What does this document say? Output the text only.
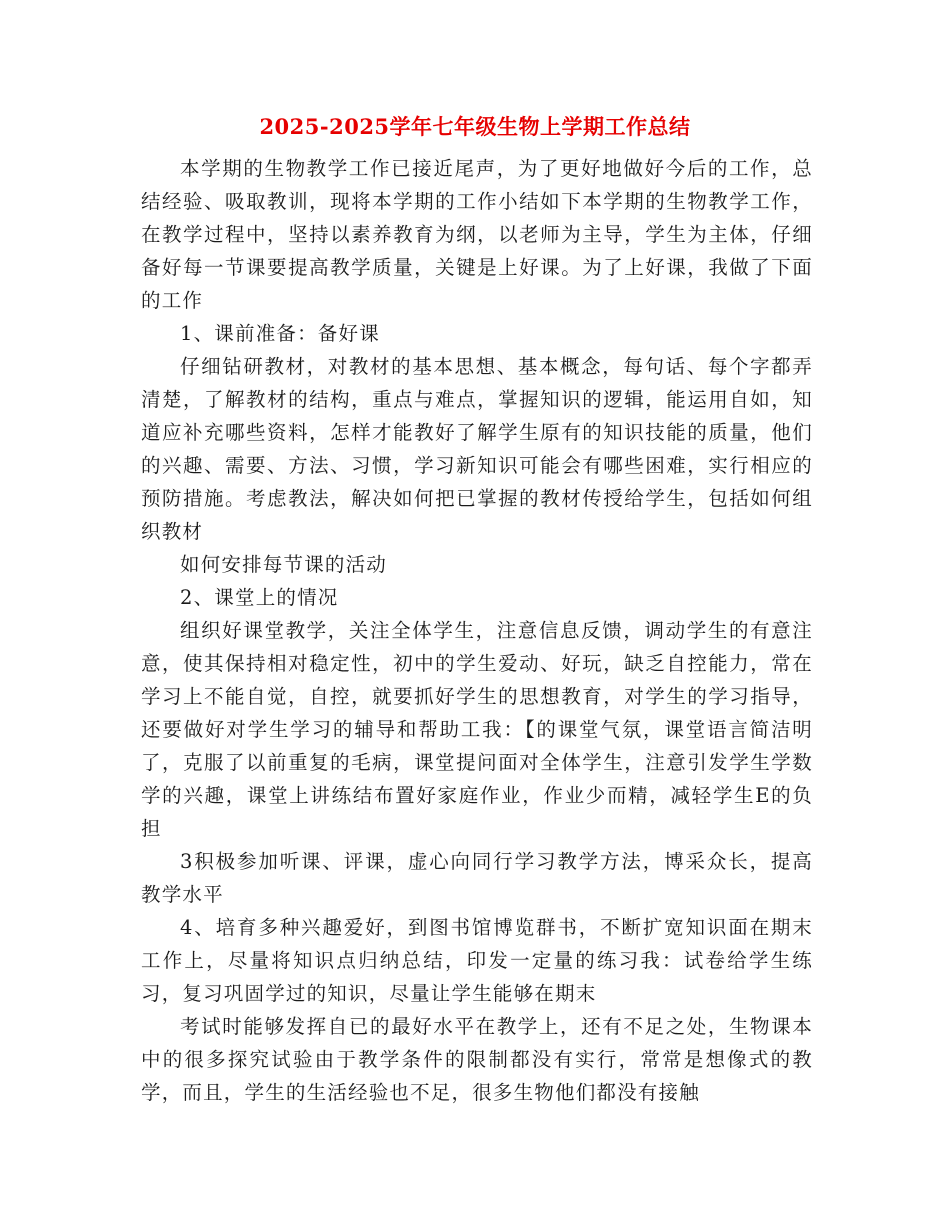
2025-2025学年七年级生物上学期工作总结

本学期的生物教学工作已接近尾声，为了更好地做好今后的工作，总结经验、吸取教训，现将本学期的工作小结如下本学期的生物教学工作，在教学过程中，坚持以素养教育为纲，以老师为主导，学生为主体，仔细备好每一节课要提高教学质量，关键是上好课。为了上好课，我做了下面的工作

1、课前准备：备好课

仔细钻研教材，对教材的基本思想、基本概念，每句话、每个字都弄清楚，了解教材的结构，重点与难点，掌握知识的逻辑，能运用自如，知道应补充哪些资料，怎样才能教好了解学生原有的知识技能的质量，他们的兴趣、需要、方法、习惯，学习新知识可能会有哪些困难，实行相应的预防措施。考虑教法，解决如何把已掌握的教材传授给学生，包括如何组织教材

如何安排每节课的活动

2、课堂上的情况

组织好课堂教学，关注全体学生，注意信息反馈，调动学生的有意注意，使其保持相对稳定性，初中的学生爱动、好玩，缺乏自控能力，常在学习上不能自觉，自控，就要抓好学生的思想教育，对学生的学习指导，还要做好对学生学习的辅导和帮助工我：【的课堂气氛，课堂语言简洁明了，克服了以前重复的毛病，课堂提问面对全体学生，注意引发学生学数学的兴趣，课堂上讲练结布置好家庭作业，作业少而精，减轻学生E的负担

3积极参加听课、评课，虚心向同行学习教学方法，博采众长，提高教学水平

4、培育多种兴趣爱好，到图书馆博览群书，不断扩宽知识面在期末工作上，尽量将知识点归纳总结，印发一定量的练习我：试卷给学生练习，复习巩固学过的知识，尽量让学生能够在期末

考试时能够发挥自已的最好水平在教学上，还有不足之处，生物课本中的很多探究试验由于教学条件的限制都没有实行，常常是想像式的教学，而且，学生的生活经验也不足，很多生物他们都没有接触
